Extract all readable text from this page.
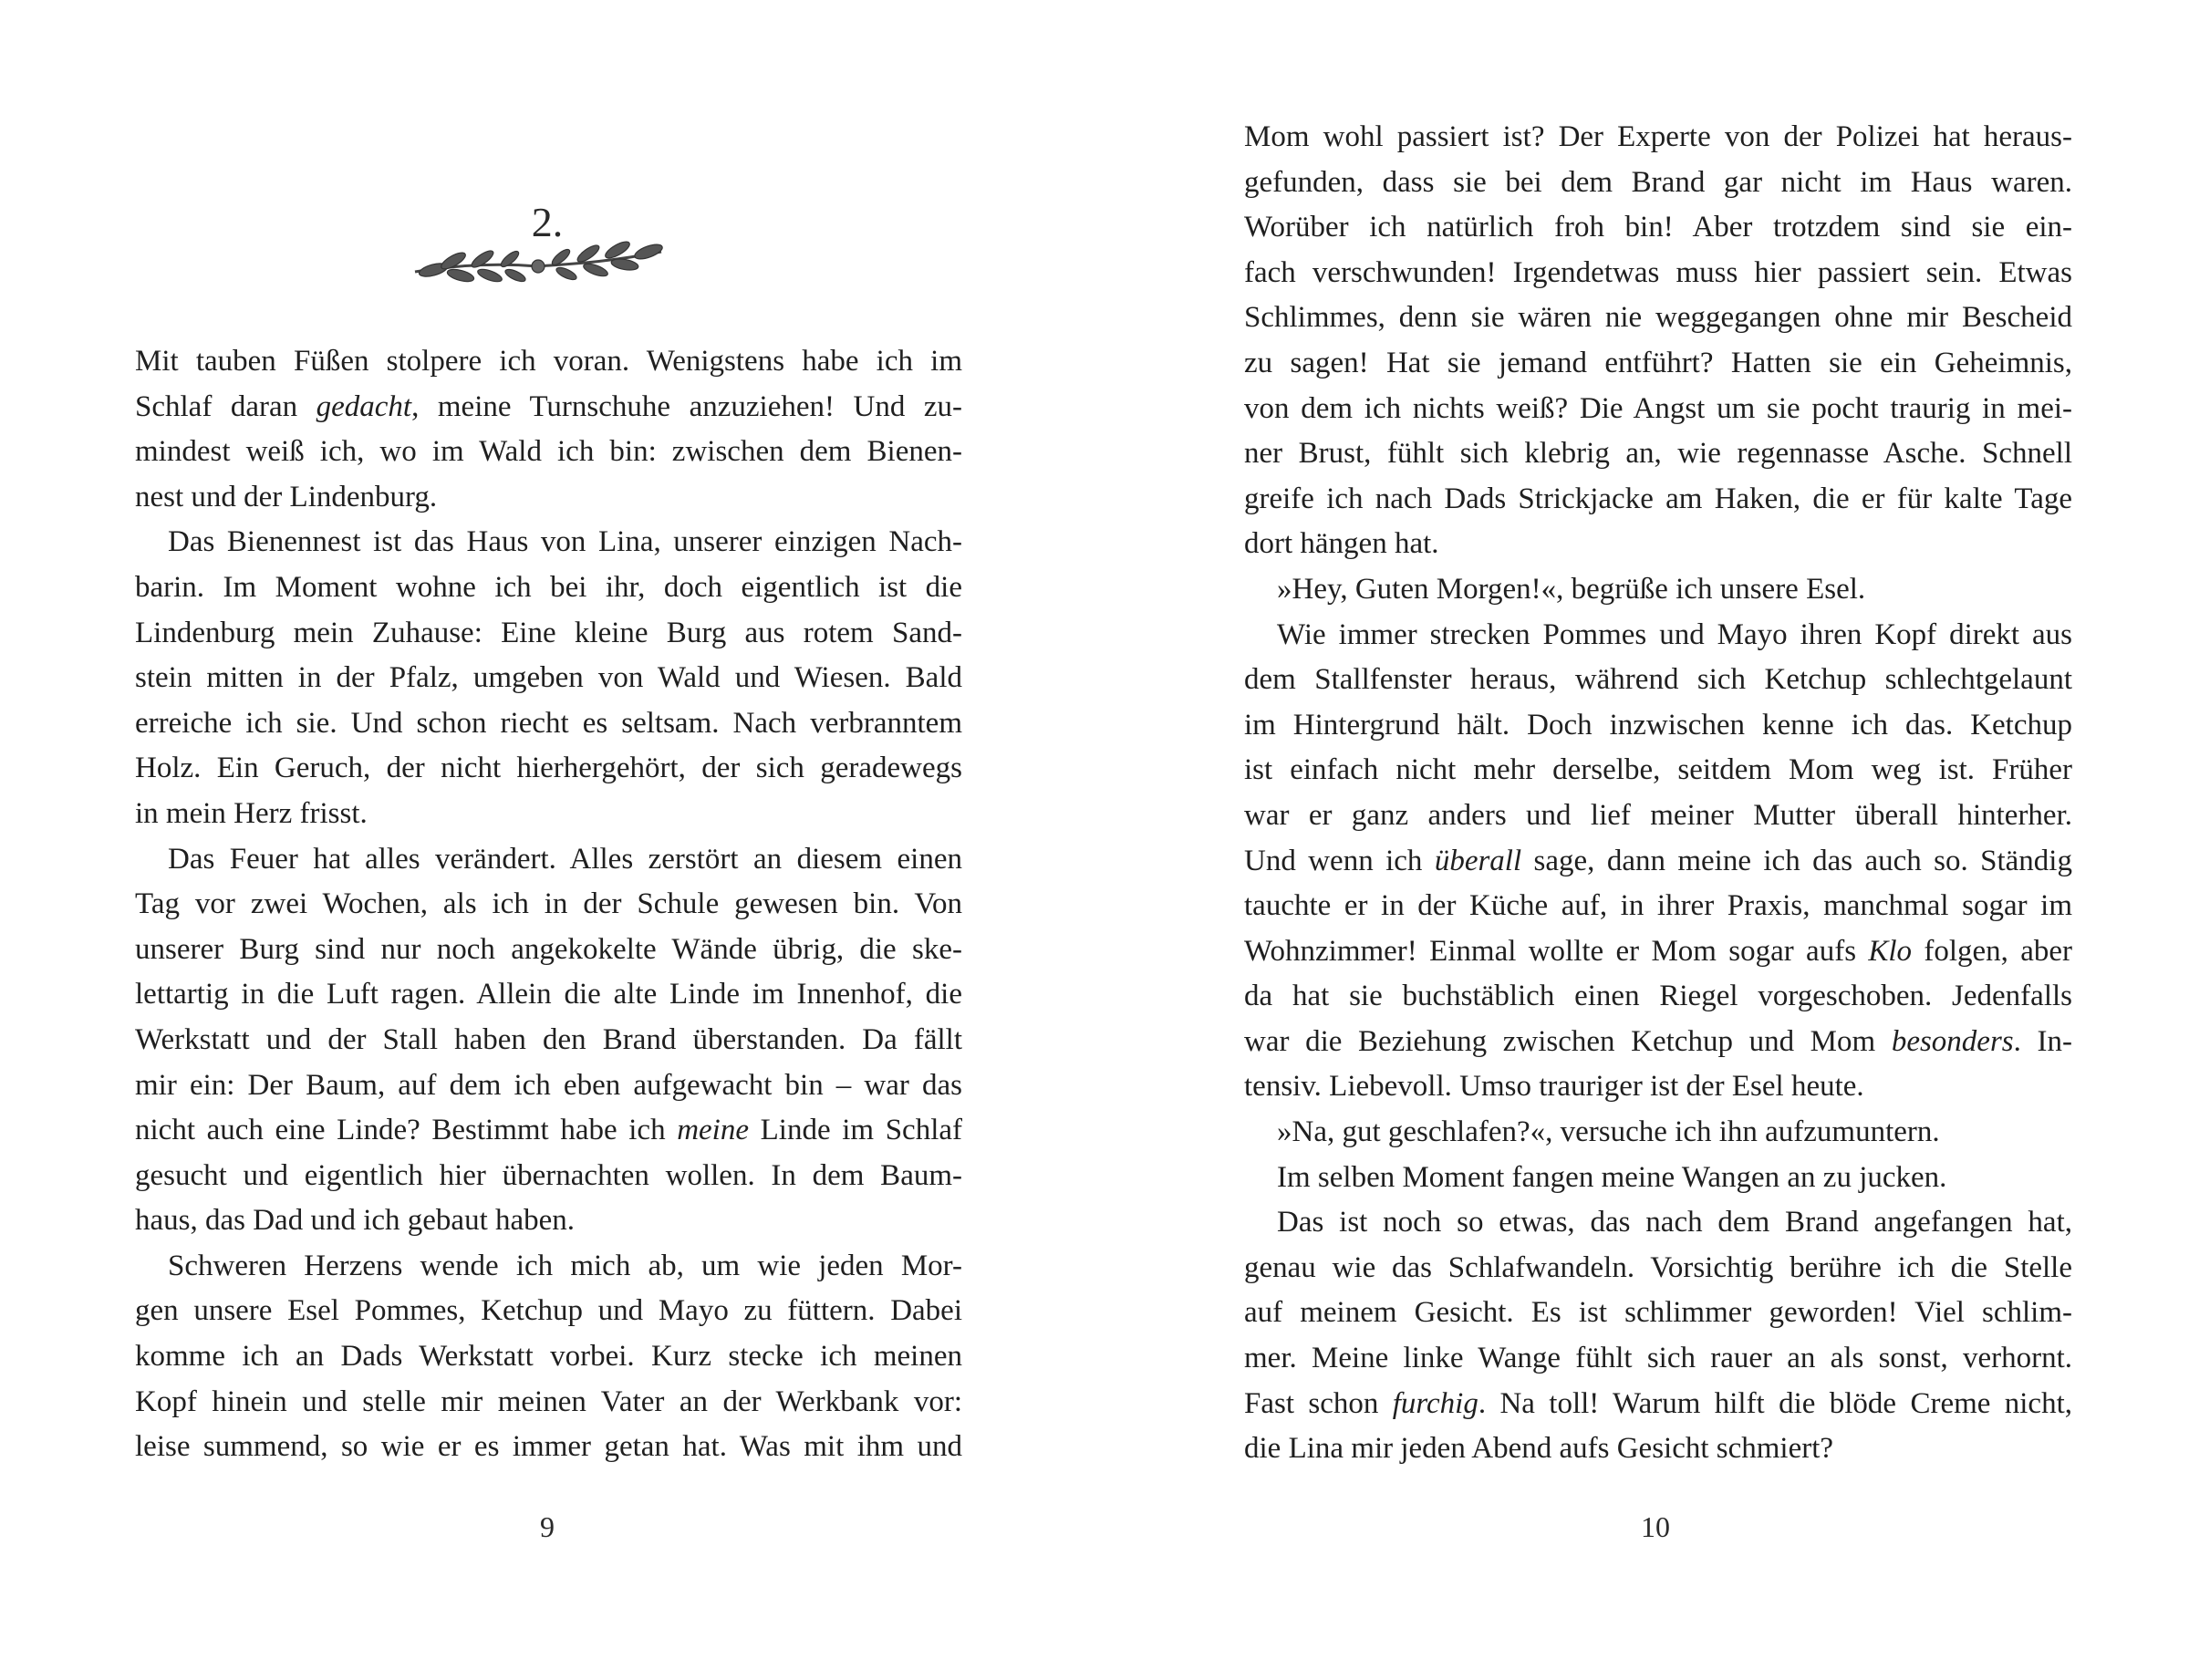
2.
Mit tauben Füßen stolpere ich voran. Wenigstens habe ich im
Schlaf daran gedacht, meine Turnschuhe anzuziehen! Und zu-
mindest weiß ich, wo im Wald ich bin: zwischen dem Bienen-
nest und der Lindenburg.
Das Bienennest ist das Haus von Lina, unserer einzigen Nach-
barin. Im Moment wohne ich bei ihr, doch eigentlich ist die
Lindenburg mein Zuhause: Eine kleine Burg aus rotem Sand-
stein mitten in der Pfalz, umgeben von Wald und Wiesen. Bald
erreiche ich sie. Und schon riecht es seltsam. Nach verbranntem
Holz. Ein Geruch, der nicht hierhergehört, der sich geradewegs
in mein Herz frisst.
Das Feuer hat alles verändert. Alles zerstört an diesem einen
Tag vor zwei Wochen, als ich in der Schule gewesen bin. Von
unserer Burg sind nur noch angekokelte Wände übrig, die ske-
lettartig in die Luft ragen. Allein die alte Linde im Innenhof, die
Werkstatt und der Stall haben den Brand überstanden. Da fällt
mir ein: Der Baum, auf dem ich eben aufgewacht bin – war das
nicht auch eine Linde? Bestimmt habe ich meine Linde im Schlaf
gesucht und eigentlich hier übernachten wollen. In dem Baum-
haus, das Dad und ich gebaut haben.
Schweren Herzens wende ich mich ab, um wie jeden Mor-
gen unsere Esel Pommes, Ketchup und Mayo zu füttern. Dabei
komme ich an Dads Werkstatt vorbei. Kurz stecke ich meinen
Kopf hinein und stelle mir meinen Vater an der Werkbank vor:
leise summend, so wie er es immer getan hat. Was mit ihm und
9
Mom wohl passiert ist? Der Experte von der Polizei hat heraus-
gefunden, dass sie bei dem Brand gar nicht im Haus waren.
Worüber ich natürlich froh bin! Aber trotzdem sind sie ein-
fach verschwunden! Irgendetwas muss hier passiert sein. Etwas
Schlimmes, denn sie wären nie weggegangen ohne mir Bescheid
zu sagen! Hat sie jemand entführt? Hatten sie ein Geheimnis,
von dem ich nichts weiß? Die Angst um sie pocht traurig in mei-
ner Brust, fühlt sich klebrig an, wie regennasse Asche. Schnell
greife ich nach Dads Strickjacke am Haken, die er für kalte Tage
dort hängen hat.
»Hey, Guten Morgen!«, begrüße ich unsere Esel.
Wie immer strecken Pommes und Mayo ihren Kopf direkt aus
dem Stallfenster heraus, während sich Ketchup schlechtgelaunt
im Hintergrund hält. Doch inzwischen kenne ich das. Ketchup
ist einfach nicht mehr derselbe, seitdem Mom weg ist. Früher
war er ganz anders und lief meiner Mutter überall hinterher.
Und wenn ich überall sage, dann meine ich das auch so. Ständig
tauchte er in der Küche auf, in ihrer Praxis, manchmal sogar im
Wohnzimmer! Einmal wollte er Mom sogar aufs Klo folgen, aber
da hat sie buchstäblich einen Riegel vorgeschoben. Jedenfalls
war die Beziehung zwischen Ketchup und Mom besonders. In-
tensiv. Liebevoll. Umso trauriger ist der Esel heute.
»Na, gut geschlafen?«, versuche ich ihn aufzumuntern.
Im selben Moment fangen meine Wangen an zu jucken.
Das ist noch so etwas, das nach dem Brand angefangen hat,
genau wie das Schlafwandeln. Vorsichtig berühre ich die Stelle
auf meinem Gesicht. Es ist schlimmer geworden! Viel schlim-
mer. Meine linke Wange fühlt sich rauer an als sonst, verhornt.
Fast schon furchig. Na toll! Warum hilft die blöde Creme nicht,
die Lina mir jeden Abend aufs Gesicht schmiert?
10
